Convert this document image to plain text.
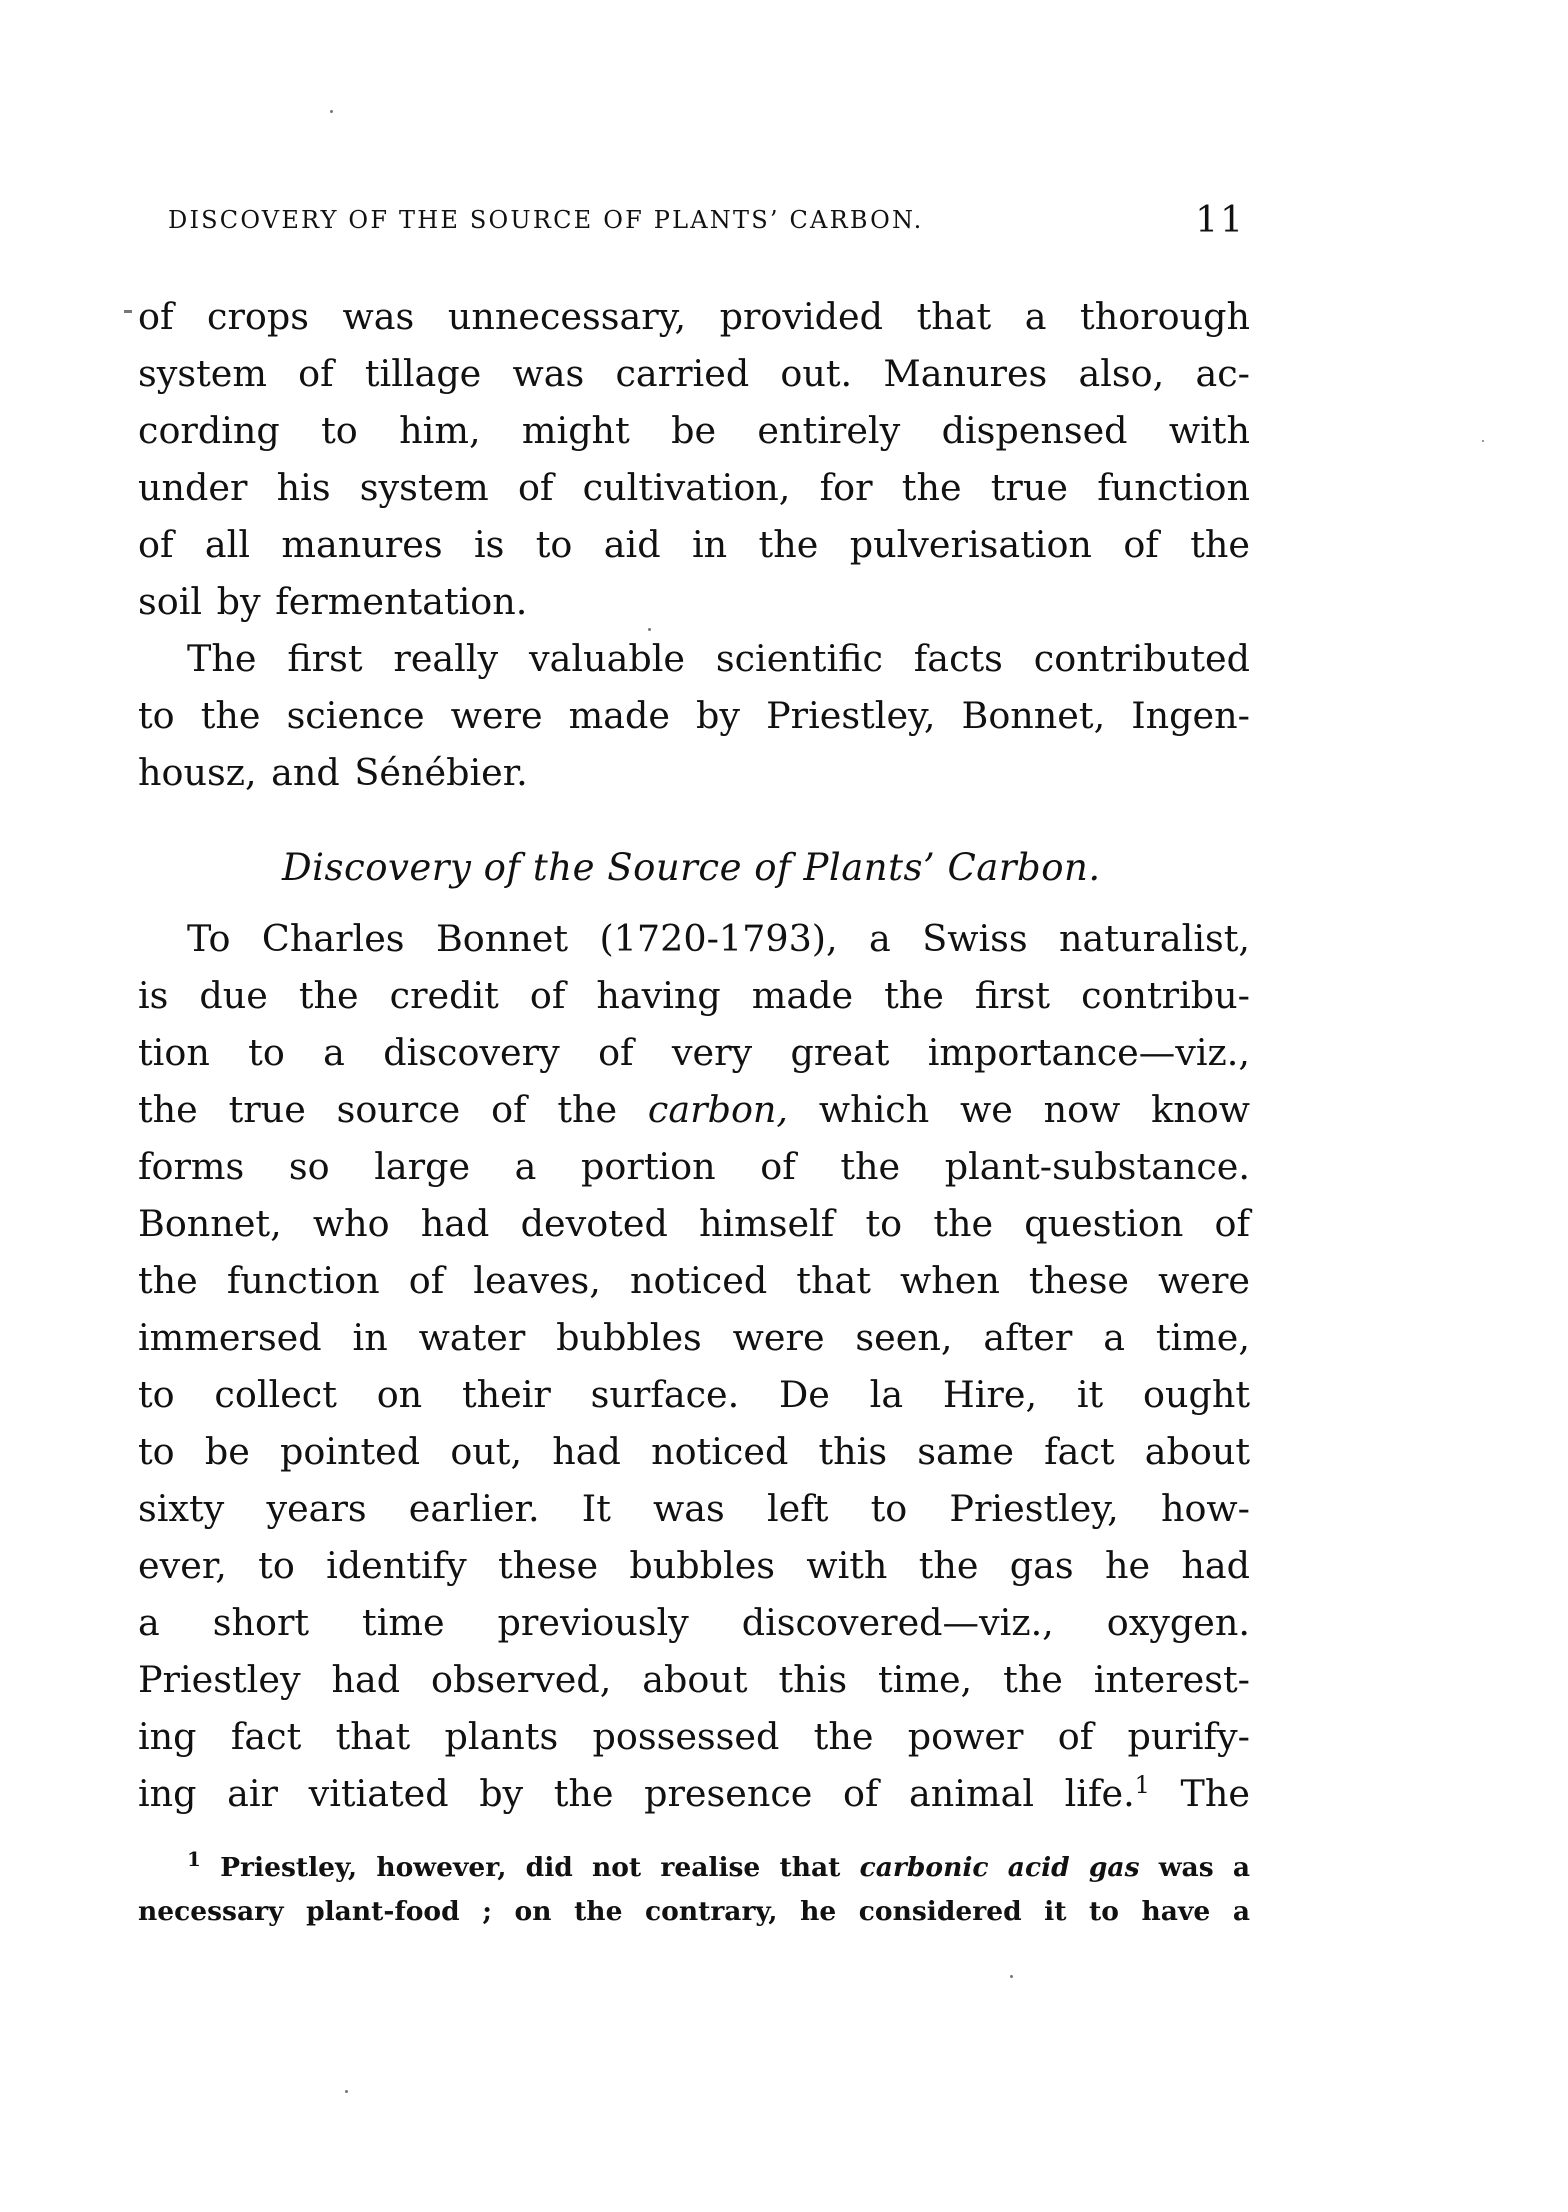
DISCOVERY OF THE SOURCE OF PLANTS’ CARBON.	11
of crops was unnecessary, provided that a thorough
system of tillage was carried out. Manures also, ac-
cording to him, might be entirely dispensed with
under his system of cultivation, for the true function
of all manures is to aid in the pulverisation of the
soil by fermentation.
The first really valuable scientific facts contributed
to the science were made by Priestley, Bonnet, Ingen-
housz, and Sénébier.
Discovery of the Source of Plants’ Carbon.
To Charles Bonnet (1720-1793), a Swiss naturalist,
is due the credit of having made the first contribu-
tion to a discovery of very great importance—viz.,
the true source of the carbon, which we now know
forms so large a portion of the plant-substance.
Bonnet, who had devoted himself to the question of
the function of leaves, noticed that when these were
immersed in water bubbles were seen, after a time,
to collect on their surface. De la Hire, it ought
to be pointed out, had noticed this same fact about
sixty years earlier. It was left to Priestley, how-
ever, to identify these bubbles with the gas he had
a short time previously discovered—viz., oxygen.
Priestley had observed, about this time, the interest-
ing fact that plants possessed the power of purify-
ing air vitiated by the presence of animal life.$^1$ The
$^1$ Priestley, however, did not realise that carbonic acid gas was a
necessary plant-food ; on the contrary, he considered it to have a
